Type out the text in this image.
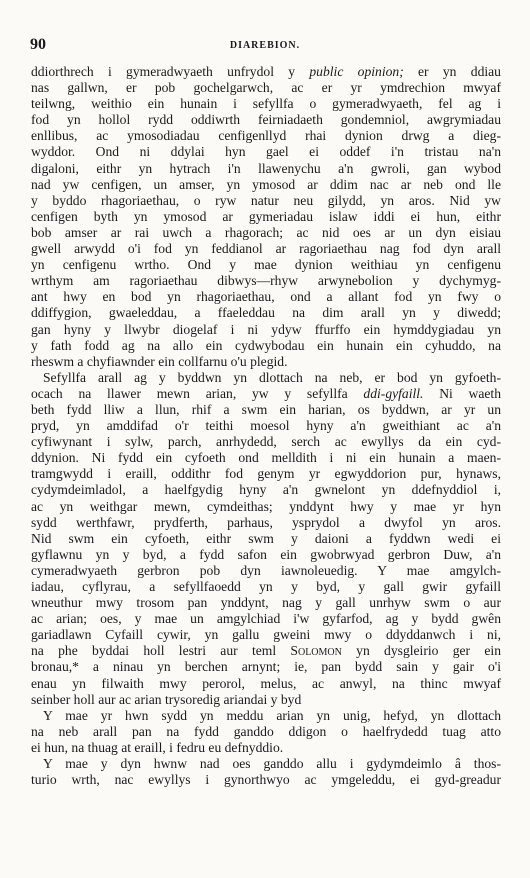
90	DIAREBION.
ddiorthrech i gymeradwyaeth unfrydol y public opinion; er yn ddiau
nas gallwn, er pob gochelgarwch, ac er yr ymdrechion mwyaf
teilwng, weithio ein hunain i sefyllfa o gymeradwyaeth, fel ag i
fod yn hollol rydd oddiwrth feirniadaeth gondemniol, awgrymiadau
enllibus, ac ymosodiadau cenfigenllyd rhai dynion drwg a dieg-
wyddor. Ond ni ddylai hyn gael ei oddef i'n tristau na'n
digaloni, eithr yn hytrach i'n llawenychu a'n gwroli, gan wybod
nad yw cenfigen, un amser, yn ymosod ar ddim nac ar neb ond lle
y byddo rhagoriaethau, o ryw natur neu gilydd, yn aros. Nid yw
cenfigen byth yn ymosod ar gymeriadau islaw iddi ei hun, eithr
bob amser ar rai uwch a rhagorach; ac nid oes ar un dyn eisiau
gwell arwydd o'i fod yn feddianol ar ragoriaethau nag fod dyn arall
yn cenfigenu wrtho. Ond y mae dynion weithiau yn cenfigenu
wrthym am ragoriaethau dibwys—rhyw arwynebolion y dychymyg-
ant hwy en bod yn rhagoriaethau, ond a allant fod yn fwy o
ddiffygion, gwaeleddau, a ffaeleddau na dim arall yn y diwedd;
gan hyny y llwybr diogelaf i ni ydyw ffurffo ein hymddygiadau yn
y fath fodd ag na allo ein cydwybodau ein hunain ein cyhuddo, na
rheswm a chyfiawnder ein collfarnu o'u plegid.
Sefyllfa arall ag y byddwn yn dlottach na neb, er bod yn gyfoeth-
ocach na llawer mewn arian, yw y sefyllfa ddi-gyfaill. Ni waeth
beth fydd lliw a llun, rhif a swm ein harian, os byddwn, ar yr un
pryd, yn amddifad o'r teithi moesol hyny a'n gweithiant ac a'n
cyfiwynant i sylw, parch, anrhydedd, serch ac ewyllys da ein cyd-
ddynion. Ni fydd ein cyfoeth ond melldith i ni ein hunain a maen-
tramgwydd i eraill, oddithr fod genym yr egwyddorion pur, hynaws,
cydymdeimladol, a haelfgydig hyny a'n gwnelont yn ddefnyddiol i,
ac yn weithgar mewn, cymdeithas; ynddynt hwy y mae yr hyn
sydd werthfawr, prydferth, parhaus, ysprydol a dwyfol yn aros.
Nid swm ein cyfoeth, eithr swm y daioni a fyddwn wedi ei
gyflawnu yn y byd, a fydd safon ein gwobrwyad gerbron Duw, a'n
cymeradwyaeth gerbron pob dyn iawnoleuedig. Y mae amgylch-
iadau, cyflyrau, a sefyllfaoedd yn y byd, y gall gwir gyfaill
wneuthur mwy trosom pan ynddynt, nag y gall unrhyw swm o aur
ac arian; oes, y mae un amgylchiad i'w gyfarfod, ag y bydd gwên
gariadlawn Cyfaill cywir, yn gallu gweini mwy o ddyddanwch i ni,
na phe byddai holl lestri aur teml Solomon yn dysgleirio ger ein
bronau,* a ninau yn berchen arnynt; ie, pan bydd sain y gair o'i
enau yn filwaith mwy perorol, melus, ac anwyl, na thinc mwyaf
seinber holl aur ac arian trysoredig ariandai y byd
Y mae yr hwn sydd yn meddu arian yn unig, hefyd, yn dlottach
na neb arall pan na fydd ganddo ddigon o haelfrydedd tuag atto
ei hun, na thuag at eraill, i fedru eu defnyddio.
Y mae y dyn hwnw nad oes ganddo allu i gydymdeimlo â thos-
turio wrth, nac ewyllys i gynorthwyo ac ymgeleddu, ei gyd-greadur
